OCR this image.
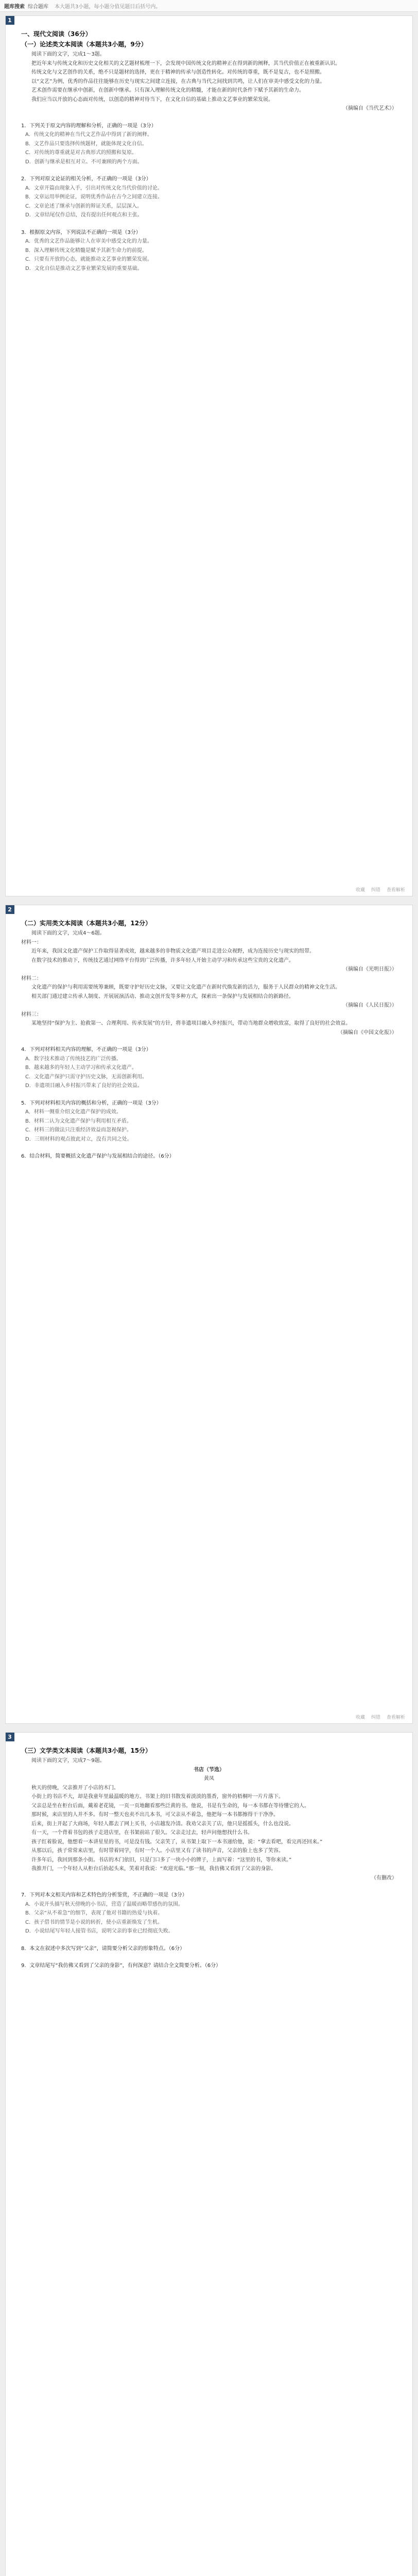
题库搜索 综合题库 本大题共3小题，每小题分值见题目后括号内。
1

一、现代文阅读（36分）

（一）论述类文本阅读（本题共3小题，9分）

阅读下面的文字，完成1～3题。

把近年来与传统文化和历史文化相关的文艺题材梳理一下，会发现中国传统文化的精神正在得到新的阐释，其当代价值正在被重新认识。

传统文化与文艺创作的关系，绝不只是题材的选择，更在于精神的传承与创造性转化。对传统的尊重，既不是复古，也不是照搬。

以“文艺”为例，优秀的作品往往能够在历史与现实之间建立连接，在古典与当代之间找到共鸣，让人们在审美中感受文化的力量。

艺术创作需要在继承中创新，在创新中继承。只有深入理解传统文化的精髓，才能在新的时代条件下赋予其新的生命力。

我们应当以开放的心态面对传统，以创造的精神对待当下，在文化自信的基础上推动文艺事业的繁荣发展。

（摘编自《当代艺术》）

1．下列关于原文内容的理解和分析，正确的一项是（3分）

A．传统文化的精神在当代文艺作品中得到了新的阐释。

B．文艺作品只要选择传统题材，就能体现文化自信。

C．对传统的尊重就是对古典形式的照搬和复原。

D．创新与继承是相互对立、不可兼顾的两个方面。

2．下列对原文论证的相关分析，不正确的一项是（3分）

A．文章开篇由现象入手，引出对传统文化当代价值的讨论。

B．文章运用举例论证，说明优秀作品在古今之间建立连接。

C．文章论述了继承与创新的辩证关系，层层深入。

D．文章结尾仅作总结，没有提出任何观点和主张。

3．根据原文内容，下列说法不正确的一项是（3分）

A．优秀的文艺作品能够让人在审美中感受文化的力量。

B．深入理解传统文化精髓是赋予其新生命力的前提。

C．只要有开放的心态，就能推动文艺事业的繁荣发展。

D．文化自信是推动文艺事业繁荣发展的重要基础。

收藏 纠错 查看解析
2

（二）实用类文本阅读（本题共3小题，12分）

阅读下面的文字，完成4～6题。

材料一：

近年来，我国文化遗产保护工作取得显著成效，越来越多的非物质文化遗产项目走进公众视野，成为连接历史与现实的纽带。

在数字技术的推动下，传统技艺通过网络平台得到广泛传播，许多年轻人开始主动学习和传承这些宝贵的文化遗产。

（摘编自《光明日报》）

材料二：

文化遗产的保护与利用需要统筹兼顾，既要守护好历史文脉，又要让文化遗产在新时代焕发新的活力，服务于人民群众的精神文化生活。

相关部门通过建立传承人制度、开展展演活动、推动文创开发等多种方式，探索出一条保护与发展相结合的新路径。

（摘编自《人民日报》）

材料三：

某地坚持“保护为主、抢救第一、合理利用、传承发展”的方针，将非遗项目融入乡村振兴，带动当地群众增收致富，取得了良好的社会效益。

（摘编自《中国文化报》）

4．下列对材料相关内容的理解，不正确的一项是（3分）

A．数字技术推动了传统技艺的广泛传播。

B．越来越多的年轻人主动学习和传承文化遗产。

C．文化遗产保护只需守护历史文脉，无需创新利用。

D．非遗项目融入乡村振兴带来了良好的社会效益。

5．下列对材料相关内容的概括和分析，正确的一项是（3分）

A．材料一侧重介绍文化遗产保护的成效。

B．材料二认为文化遗产保护与利用相互矛盾。

C．材料三的做法只注重经济效益而忽视保护。

D．三则材料的观点彼此对立，没有共同之处。

6．结合材料，简要概括文化遗产保护与发展相结合的途径。（6分）

收藏 纠错 查看解析
3

（三）文学类文本阅读（本题共3小题，15分）

阅读下面的文字，完成7～9题。

书店（节选）

黄凤

秋天的傍晚，父亲推开了小店的木门。

小街上的书店不大，却是我童年里最温暖的地方。书架上的旧书散发着淡淡的墨香，窗外的梧桐叶一片片落下。

父亲总是坐在柜台后面，戴着老花镜，一页一页地翻看那些泛黄的书。他说，书是有生命的，每一本书都在等待懂它的人。

那时候，来店里的人并不多。有时一整天也卖不出几本书，可父亲从不着急，他把每一本书都擦得干干净净。

后来，街上开起了大商场，年轻人都去了网上买书，小店越发冷清。我劝父亲关了店，他只是摇摇头，什么也没说。

有一天，一个背着书包的孩子走进店里，在书架前站了很久。父亲走过去，轻声问他想找什么书。

孩子红着脸说，他想看一本讲星星的书，可是没有钱。父亲笑了，从书架上取下一本书递给他，说：“拿去看吧，看完再还回来。”

从那以后，孩子常常来店里，有时带着同学，有时一个人。小店里又有了读书的声音，父亲的脸上也多了笑容。

许多年后，我回到那条小街。书店的木门依旧，只是门口多了一块小小的牌子，上面写着：“这里的书，等你来读。”

我推开门，一个年轻人从柜台后抬起头来，笑着对我说：“欢迎光临。”那一刻，我仿佛又看到了父亲的身影。

（有删改）

7．下列对本文相关内容和艺术特色的分析鉴赏，不正确的一项是（3分）

A．小说开头描写秋天傍晚的小书店，营造了温暖而略带感伤的氛围。

B．父亲“从不着急”的细节，表现了他对书籍的热爱与执着。

C．孩子借书的情节是小说的转折，使小店重新焕发了生机。

D．小说结尾写年轻人接管书店，说明父亲的事业已经彻底失败。

8．本文在叙述中多次写到“父亲”，请简要分析父亲的形象特点。（6分）

9．文章结尾写“我仿佛又看到了父亲的身影”，有何深意？请结合全文简要分析。（6分）
